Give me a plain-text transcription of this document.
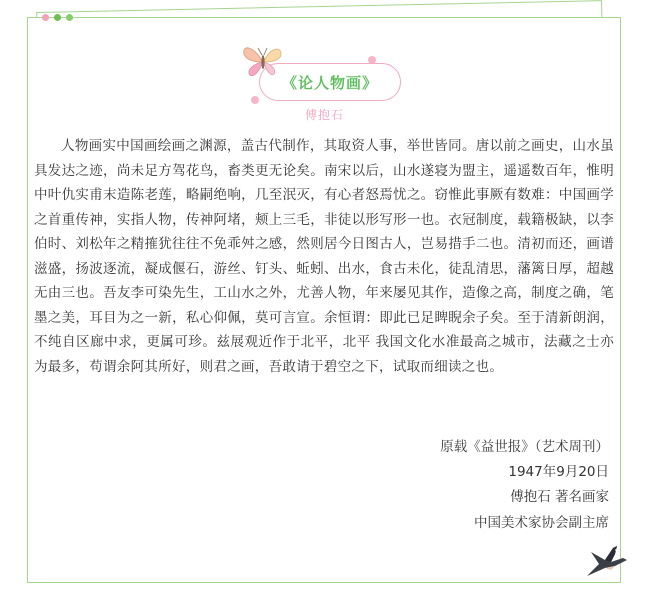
《论人物画》
傅抱石
人物画实中国画绘画之渊源，盖古代制作，其取资人事，举世皆同。唐以前之画史，山水虽具发达之迹，尚未足方驾花鸟，畜类更无论矣。南宋以后，山水遂寝为盟主，遥遥数百年，惟明中叶仇实甫末造陈老莲，略嗣绝响，几至泯灭，有心者怒焉忧之。窃惟此事厥有数难：中国画学之首重传神，实指人物，传神阿堵，颊上三毛，非徒以形写形一也。衣冠制度，载籍极缺，以李伯时、刘松年之精搉犹往往不免乖舛之感，然则居今日图古人，岂易措手二也。清初而还，画谱滋盛，扬波逐流，凝成偃石，游丝、钉头、蚯蚓、出水，食古未化，徒乱清思，藩篱日厚，超越无由三也。吾友李可染先生，工山水之外，尤善人物，年来屡见其作，造像之高，制度之确，笔墨之美，耳目为之一新，私心仰佩，莫可言宣。余恒谓：即此已足睥睨余子矣。至于清新朗润，不纯自区廊中求，更属可珍。兹展观近作于北平，北平 我国文化水准最高之城市，法藏之士亦为最多，苟谓余阿其所好，则君之画，吾敢请于碧空之下，试取而细读之也。
原载《益世报》（艺术周刊）
1947年9月20日
傅抱石 著名画家
中国美术家协会副主席
